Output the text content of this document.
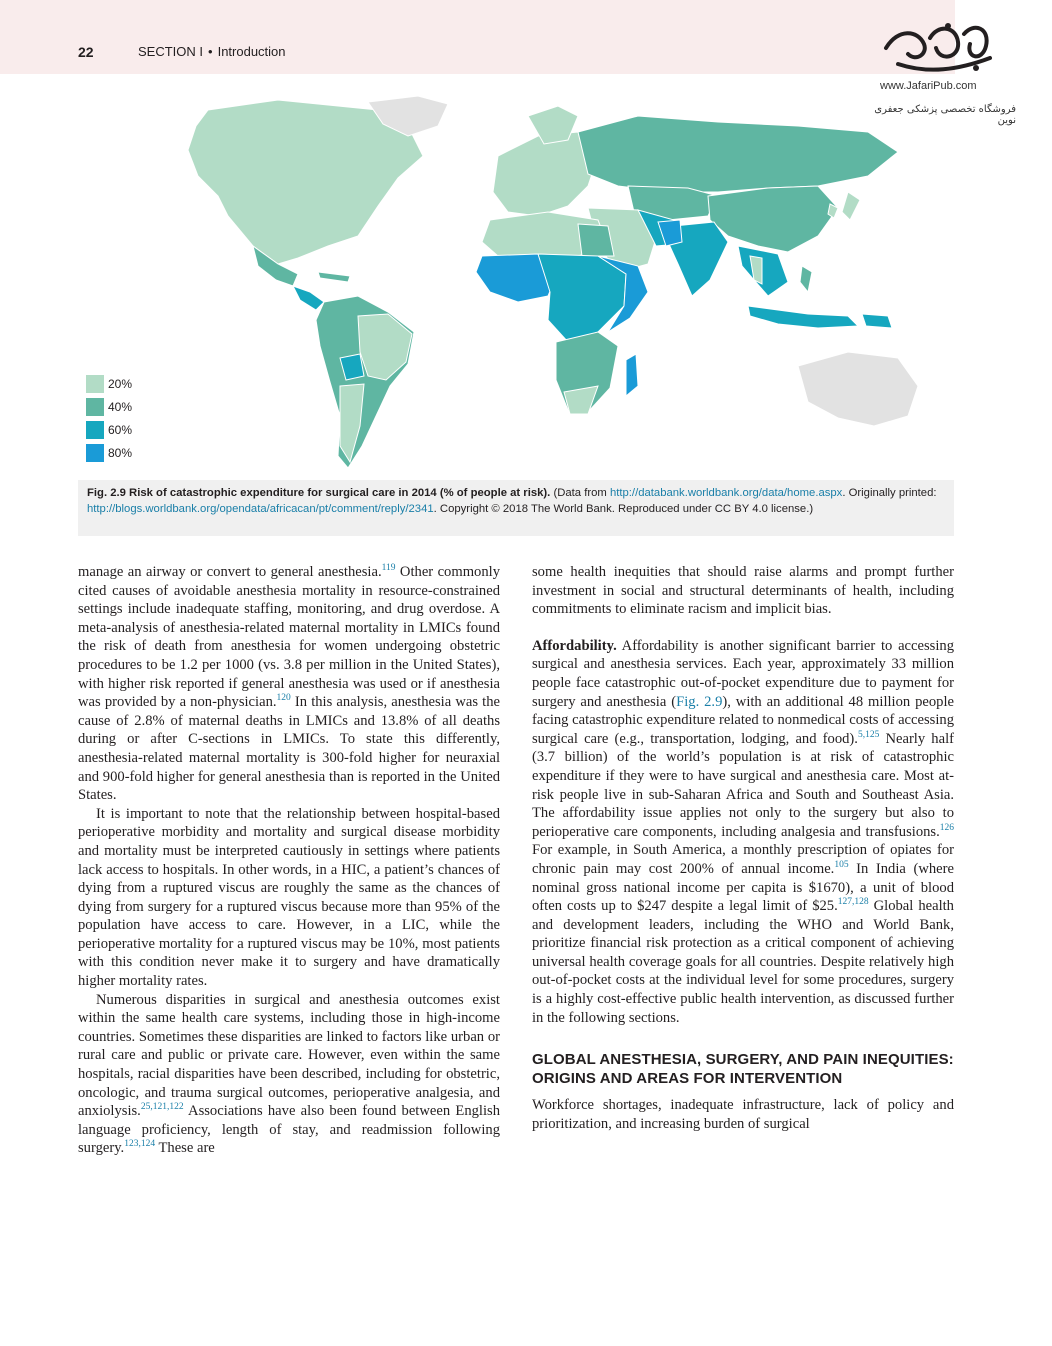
22	SECTION I • Introduction
www.JafariPub.com
فروشگاه تخصصی پزشکی جعفری نوین
20%
40%
60%
80%
Fig. 2.9 Risk of catastrophic expenditure for surgical care in 2014 (% of people at risk). (Data from http://databank.worldbank.org/data/home.aspx. Originally printed: http://blogs.worldbank.org/opendata/africacan/pt/comment/reply/2341. Copyright © 2018 The World Bank. Reproduced under CC BY 4.0 license.)

manage an airway or convert to general anesthesia.$^{119}$ Other commonly cited causes of avoidable anesthesia mortality in resource-constrained settings include inadequate staffing, monitoring, and drug overdose. A meta-analysis of anesthesia-related maternal mortality in LMICs found the risk of death from anesthesia for women undergoing obstetric procedures to be 1.2 per 1000 (vs. 3.8 per million in the United States), with higher risk reported if general anesthesia was used or if anesthesia was provided by a non-physician.$^{120}$ In this analysis, anesthesia was the cause of 2.8% of maternal deaths in LMICs and 13.8% of all deaths during or after C-sections in LMICs. To state this differently, anesthesia-related maternal mortality is 300-fold higher for neuraxial and 900-fold higher for general anesthesia than is reported in the United States.

It is important to note that the relationship between hospital-based perioperative morbidity and mortality and surgical disease morbidity and mortality must be interpreted cautiously in settings where patients lack access to hospitals. In other words, in a HIC, a patient’s chances of dying from a ruptured viscus are roughly the same as the chances of dying from surgery for a ruptured viscus because more than 95% of the population have access to care. However, in a LIC, while the perioperative mortality for a ruptured viscus may be 10%, most patients with this condition never make it to surgery and have dramatically higher mortality rates.

Numerous disparities in surgical and anesthesia outcomes exist within the same health care systems, including those in high-income countries. Sometimes these disparities are linked to factors like urban or rural care and public or private care. However, even within the same hospitals, racial disparities have been described, including for obstetric, oncologic, and trauma surgical outcomes, perioperative analgesia, and anxiolysis.$^{25,121,122}$ Associations have also been found between English language proficiency, length of stay, and readmission following surgery.$^{123,124}$ These are

some health inequities that should raise alarms and prompt further investment in social and structural determinants of health, including commitments to eliminate racism and implicit bias.

Affordability. Affordability is another significant barrier to accessing surgical and anesthesia services. Each year, approximately 33 million people face catastrophic out-of-pocket expenditure due to payment for surgery and anesthesia (Fig. 2.9), with an additional 48 million people facing catastrophic expenditure related to nonmedical costs of accessing surgical care (e.g., transportation, lodging, and food).$^{5,125}$ Nearly half (3.7 billion) of the world’s population is at risk of catastrophic expenditure if they were to have surgical and anesthesia care. Most at-risk people live in sub-Saharan Africa and South and Southeast Asia. The affordability issue applies not only to the surgery but also to perioperative care components, including analgesia and transfusions.$^{126}$ For example, in South America, a monthly prescription of opiates for chronic pain may cost 200% of annual income.$^{105}$ In India (where nominal gross national income per capita is $1670), a unit of blood often costs up to $247 despite a legal limit of $25.$^{127,128}$ Global health and development leaders, including the WHO and World Bank, prioritize financial risk protection as a critical component of achieving universal health coverage goals for all countries. Despite relatively high out-of-pocket costs at the individual level for some procedures, surgery is a highly cost-effective public health intervention, as discussed further in the following sections.

GLOBAL ANESTHESIA, SURGERY, AND PAIN INEQUITIES: ORIGINS AND AREAS FOR INTERVENTION

Workforce shortages, inadequate infrastructure, lack of policy and prioritization, and increasing burden of surgical
